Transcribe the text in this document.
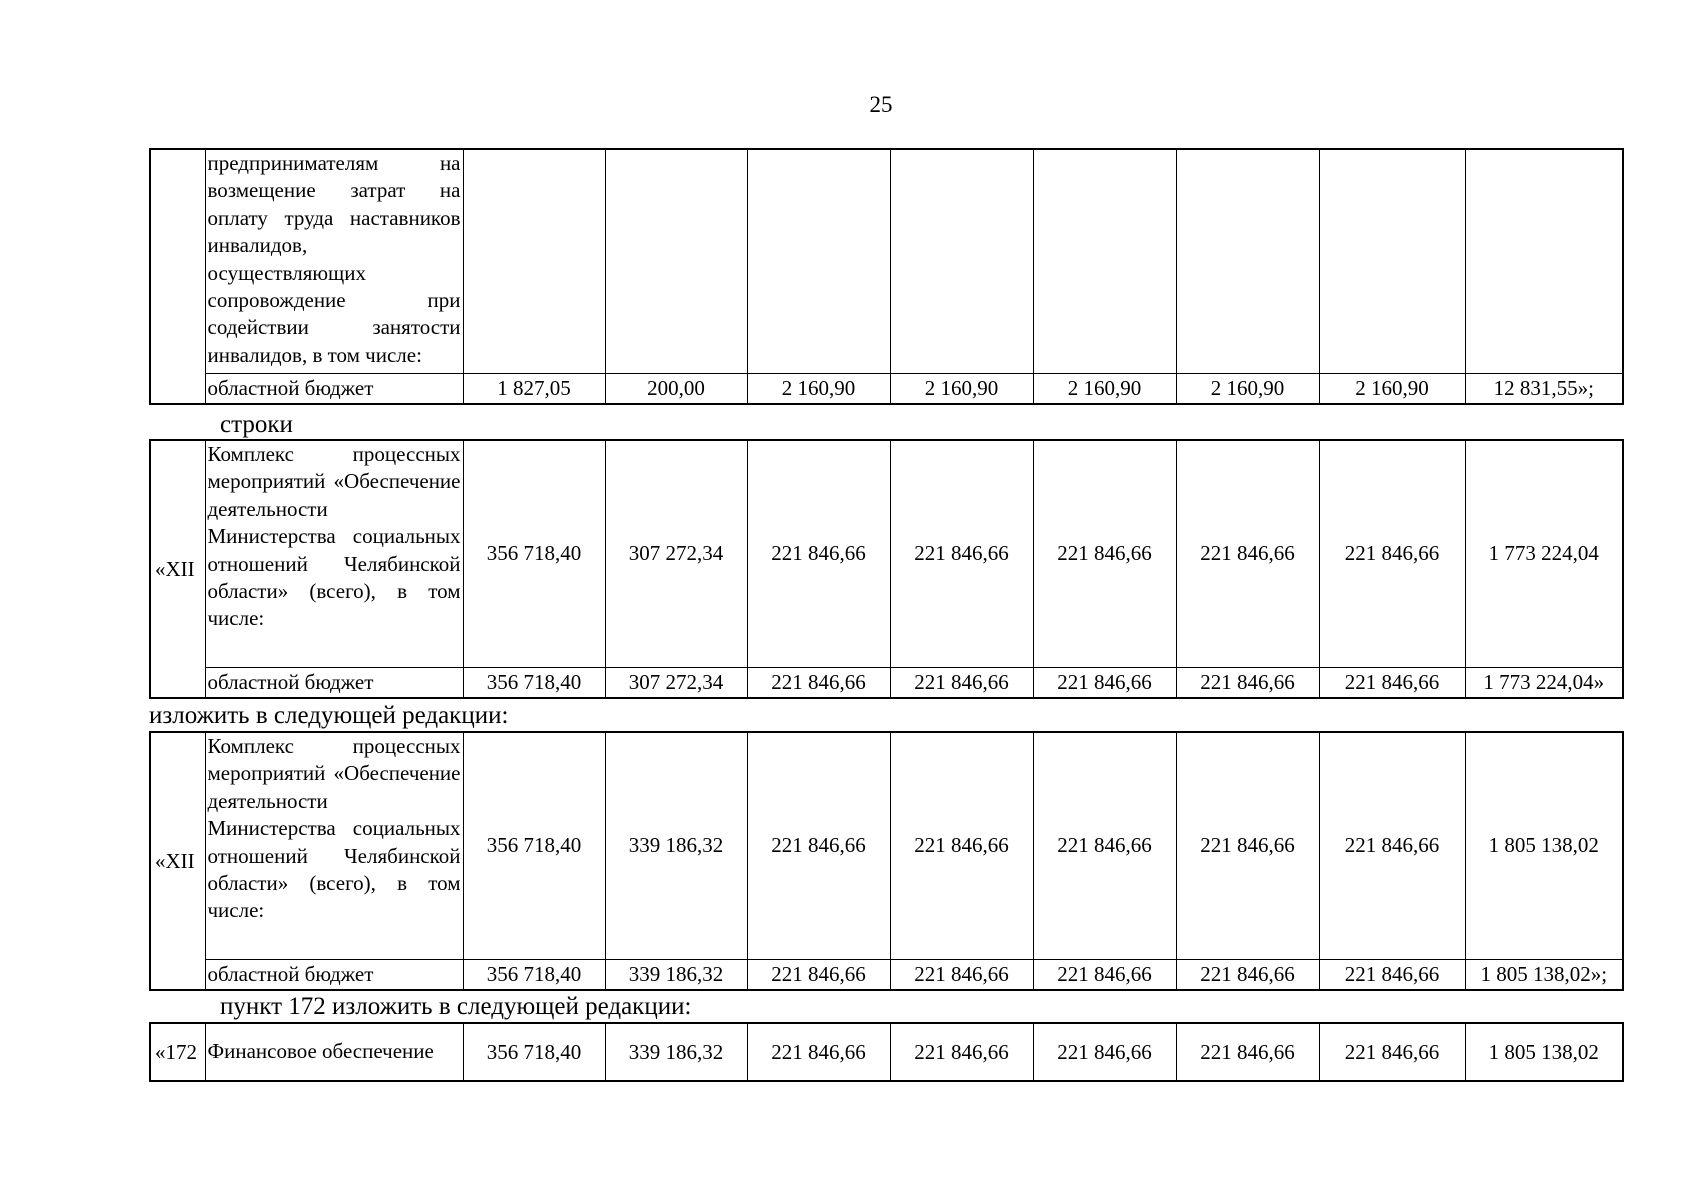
25
	предпринимателям на возмещение затрат на оплату труда наставников инвалидов, осуществляющих сопровождение при содействии занятости инвалидов, в том числе:								
	областной бюджет	1 827,05	200,00	2 160,90	2 160,90	2 160,90	2 160,90	2 160,90	12 831,55»;
строки
«XII	Комплекс процессных мероприятий «Обеспечение деятельности Министерства социальных отношений Челябинской области» (всего), в том числе:	356 718,40	307 272,34	221 846,66	221 846,66	221 846,66	221 846,66	221 846,66	1 773 224,04
	областной бюджет	356 718,40	307 272,34	221 846,66	221 846,66	221 846,66	221 846,66	221 846,66	1 773 224,04»
изложить в следующей редакции:
«XII	Комплекс процессных мероприятий «Обеспечение деятельности Министерства социальных отношений Челябинской области» (всего), в том числе:	356 718,40	339 186,32	221 846,66	221 846,66	221 846,66	221 846,66	221 846,66	1 805 138,02
	областной бюджет	356 718,40	339 186,32	221 846,66	221 846,66	221 846,66	221 846,66	221 846,66	1 805 138,02»;
пункт 172 изложить в следующей редакции:
«172	Финансовое обеспечение	356 718,40	339 186,32	221 846,66	221 846,66	221 846,66	221 846,66	221 846,66	1 805 138,02
